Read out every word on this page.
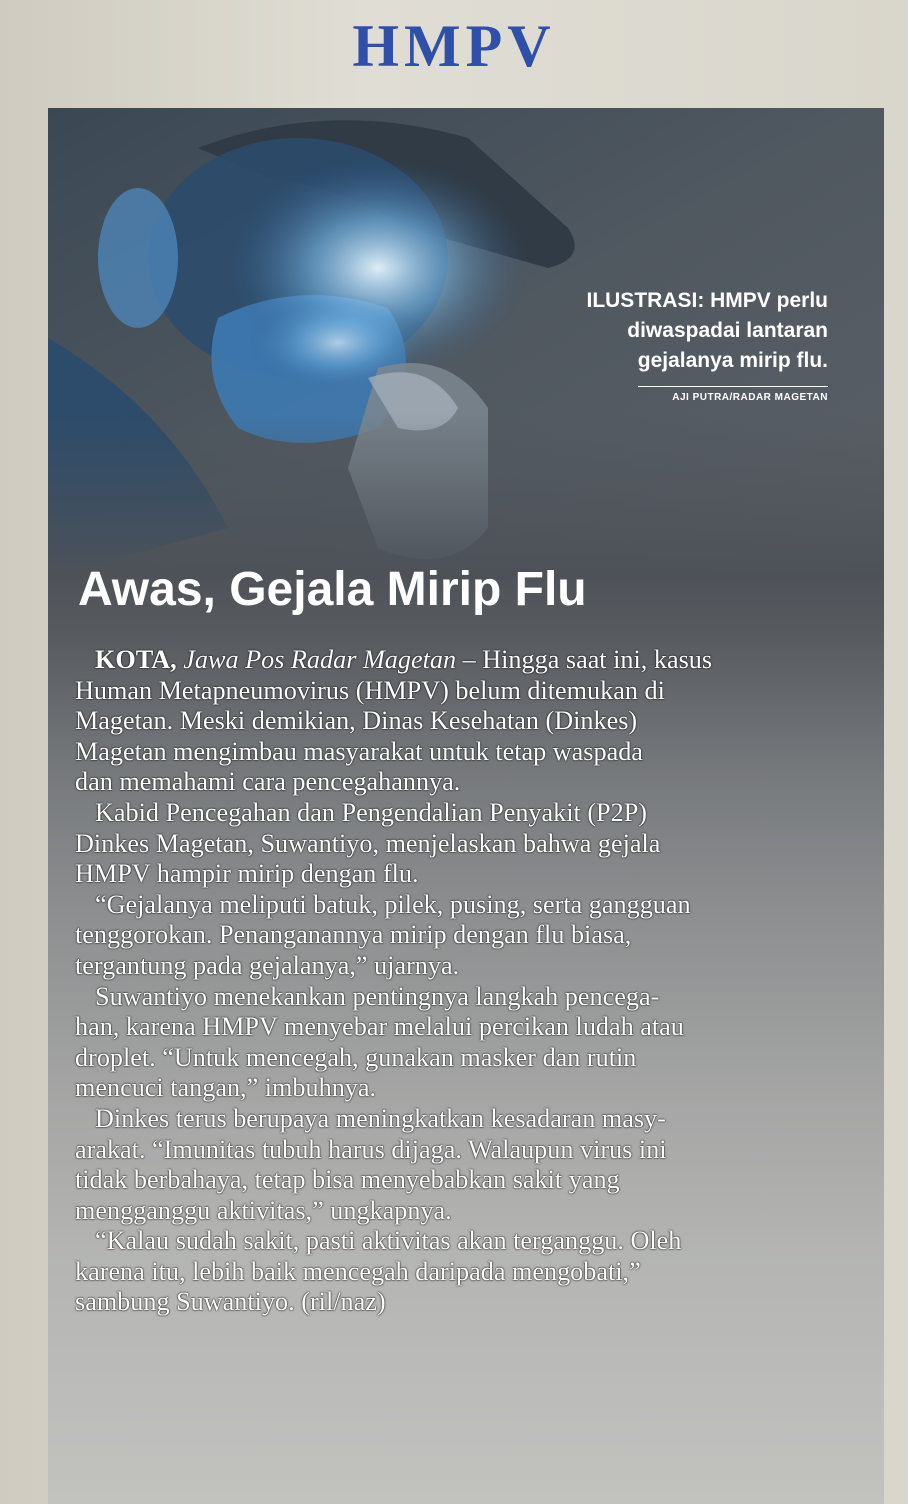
HMPV
ILUSTRASI: HMPV perlu
diwaspadai lantaran
gejalanya mirip flu.
AJI PUTRA/RADAR MAGETAN
Awas, Gejala Mirip Flu
KOTA, Jawa Pos Radar Magetan – Hingga saat ini, kasus
Human Metapneumovirus (HMPV) belum ditemukan di
Magetan. Meski demikian, Dinas Kesehatan (Dinkes)
Magetan mengimbau masyarakat untuk tetap waspada
dan memahami cara pencegahannya.
Kabid Pencegahan dan Pengendalian Penyakit (P2P)
Dinkes Magetan, Suwantiyo, menjelaskan bahwa gejala
HMPV hampir mirip dengan flu.
“Gejalanya meliputi batuk, pilek, pusing, serta gangguan
tenggorokan. Penanganannya mirip dengan flu biasa,
tergantung pada gejalanya,” ujarnya.
Suwantiyo menekankan pentingnya langkah pencega-
han, karena HMPV menyebar melalui percikan ludah atau
droplet. “Untuk mencegah, gunakan masker dan rutin
mencuci tangan,” imbuhnya.
Dinkes terus berupaya meningkatkan kesadaran masy-
arakat. “Imunitas tubuh harus dijaga. Walaupun virus ini
tidak berbahaya, tetap bisa menyebabkan sakit yang
mengganggu aktivitas,” ungkapnya.
“Kalau sudah sakit, pasti aktivitas akan terganggu. Oleh
karena itu, lebih baik mencegah daripada mengobati,”
sambung Suwantiyo. (ril/naz)
